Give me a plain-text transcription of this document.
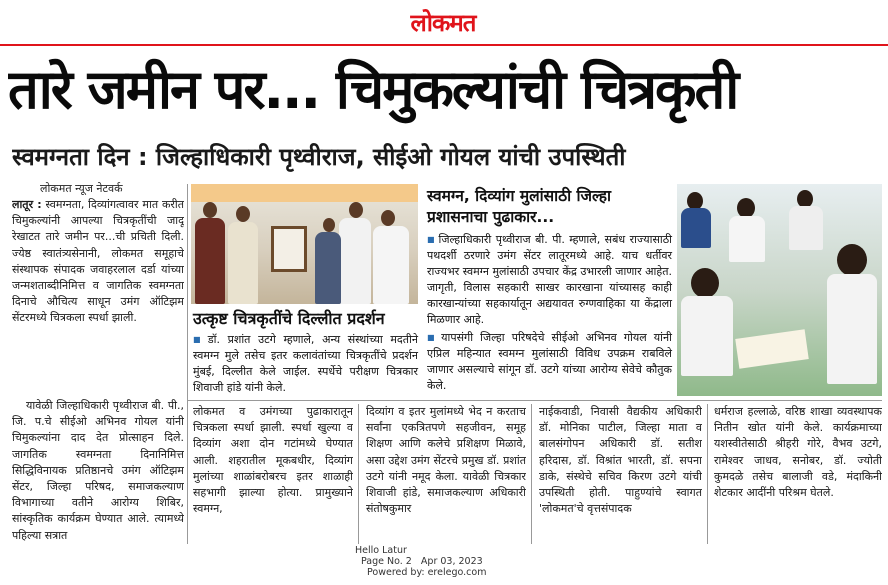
लोकमत
तारे जमीन पर... चिमुकल्यांची चित्रकृती
स्वमग्नता दिन : जिल्हाधिकारी पृथ्वीराज, सीईओ गोयल यांची उपस्थिती
लोकमत न्यूज नेटवर्क
लातूर : स्वमग्नता, दिव्यांगत्वावर मात करीत चिमुकल्यांनी आपल्या चित्रकृतींची जादू रेखाटत तारे जमीन पर...ची प्रचिती दिली. ज्येष्ठ स्वातंत्र्यसेनानी, लोकमत समूहाचे संस्थापक संपादक जवाहरलाल दर्डा यांच्या जन्मशताब्दीनिमित्त व जागतिक स्वमग्नता दिनाचे औचित्य साधून उमंग ऑटिझम सेंटरमध्ये चित्रकला स्पर्धा झाली.
यावेळी जिल्हाधिकारी पृथ्वीराज बी. पी., जि. प.चे सीईओ अभिनव गोयल यांनी चिमुकल्यांना दाद देत प्रोत्साहन दिले. जागतिक स्वमग्नता दिनानिमित्त सिद्धिविनायक प्रतिष्ठानचे उमंग ऑटिझम सेंटर, जिल्हा परिषद, समाजकल्याण विभागाच्या वतीने आरोग्य शिबिर, सांस्कृतिक कार्यक्रम घेण्यात आले. त्यामध्ये पहिल्या सत्रात
उत्कृष्ट चित्रकृतींचे दिल्लीत प्रदर्शन
■ डॉ. प्रशांत उटगे म्हणाले, अन्य संस्थांच्या मदतीने स्वमग्न मुले तसेच इतर कलावंतांच्या चित्रकृतींचे प्रदर्शन मुंबई, दिल्लीत केले जाईल. स्पर्धेचे परीक्षण चित्रकार शिवाजी हांडे यांनी केले.
स्वमग्न, दिव्यांग मुलांसाठी जिल्हा प्रशासनाचा पुढाकार...
■ जिल्हाधिकारी पृथ्वीराज बी. पी. म्हणाले, सबंध राज्यासाठी पथदर्शी ठरणारे उमंग सेंटर लातूरमध्ये आहे. याच धर्तीवर राज्यभर स्वमग्न मुलांसाठी उपचार केंद्र उभारली जाणार आहेत. जागृती, विलास सहकारी साखर कारखाना यांच्यासह काही कारखान्यांच्या सहकार्यातून अद्ययावत रुग्णवाहिका या केंद्राला मिळणार आहे.
■ यापसंगी जिल्हा परिषदेचे सीईओ अभिनव गोयल यांनी एप्रिल महिन्यात स्वमग्न मुलांसाठी विविध उपक्रम राबविले जाणार असल्याचे सांगून डॉ. उटगे यांच्या आरोग्य सेवेचे कौतुक केले.
लोकमत व उमंगच्या पुढाकारातून चित्रकला स्पर्धा झाली. स्पर्धा खुल्या व दिव्यांग अशा दोन गटांमध्ये घेण्यात आली. शहरातील मूकबधीर, दिव्यांग मुलांच्या शाळांबरोबरच इतर शाळाही सहभागी झाल्या होत्या. प्रामुख्याने स्वमग्न,
दिव्यांग व इतर मुलांमध्ये भेद न करताच सर्वांना एकत्रितपणे सहजीवन, समूह शिक्षण आणि कलेचे प्रशिक्षण मिळावे, असा उद्देश उमंग सेंटरचे प्रमुख डॉ. प्रशांत उटगे यांनी नमूद केला. यावेळी चित्रकार शिवाजी हांडे, समाजकल्याण अधिकारी संतोषकुमार
नाईकवाडी, निवासी वैद्यकीय अधिकारी डॉ. मोनिका पाटील, जिल्हा माता व बालसंगोपन अधिकारी डॉ. सतीश हरिदास, डॉ. विश्रांत भारती, डॉ. सपना डाके, संस्थेचे सचिव किरण उटगे यांची उपस्थिती होती. पाहुण्यांचे स्वागत 'लोकमत'चे वृत्तसंपादक
धर्मराज हल्लाळे, वरिष्ठ शाखा व्यवस्थापक नितीन खोत यांनी केले. कार्यक्रमाच्या यशस्वीतेसाठी श्रीहरी गोरे, वैभव उटगे, रामेश्वर जाधव, सनोबर, डॉ. ज्योती कुमदळे तसेच बालाजी वडे, मंदाकिनी शेटकार आदींनी परिश्रम घेतले.
Hello Latur
Page No. 2   Apr 03, 2023
Powered by: erelego.com
